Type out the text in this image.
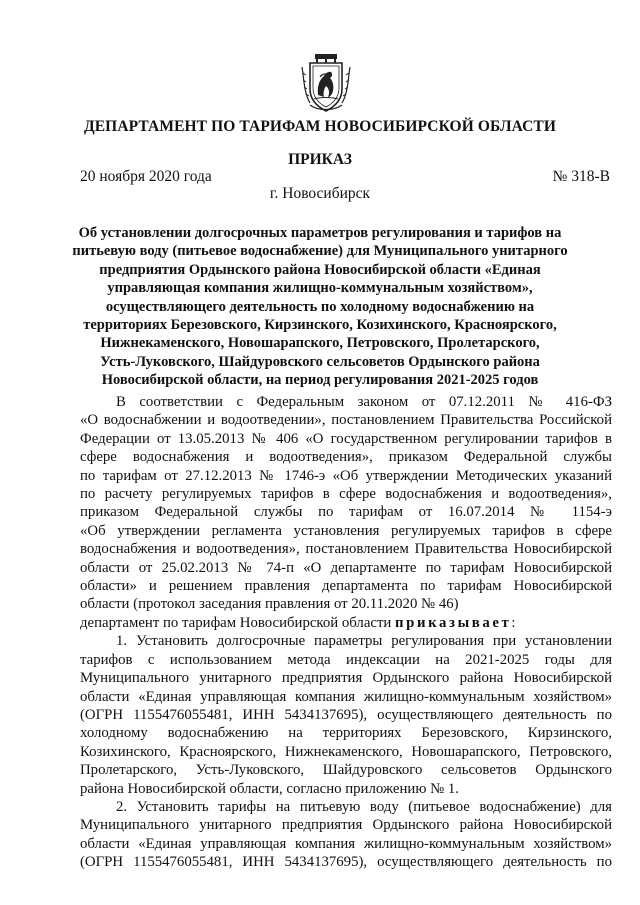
ДЕПАРТАМЕНТ ПО ТАРИФАМ НОВОСИБИРСКОЙ ОБЛАСТИ
ПРИКАЗ
20 ноября 2020 года	№ 318-В
г. Новосибирск
Об установлении долгосрочных параметров регулирования и тарифов на
питьевую воду (питьевое водоснабжение) для Муниципального унитарного
предприятия Ордынского района Новосибирской области «Единая
управляющая компания жилищно-коммунальным хозяйством»,
осуществляющего деятельность по холодному водоснабжению на
территориях Березовского, Кирзинского, Козихинского, Красноярского,
Нижнекаменского, Новошарапского, Петровского, Пролетарского,
Усть-Луковского, Шайдуровского сельсоветов Ордынского района
Новосибирской области, на период регулирования 2021-2025 годов
В соответствии с Федеральным законом от 07.12.2011 № 416-ФЗ
«О водоснабжении и водоотведении», постановлением Правительства Российской
Федерации от 13.05.2013 № 406 «О государственном регулировании тарифов в
сфере водоснабжения и водоотведения», приказом Федеральной службы
по тарифам от 27.12.2013 № 1746-э «Об утверждении Методических указаний
по расчету регулируемых тарифов в сфере водоснабжения и водоотведения»,
приказом Федеральной службы по тарифам от 16.07.2014 № 1154-э
«Об утверждении регламента установления регулируемых тарифов в сфере
водоснабжения и водоотведения», постановлением Правительства Новосибирской
области от 25.02.2013 № 74-п «О департаменте по тарифам Новосибирской
области» и решением правления департамента по тарифам Новосибирской
области (протокол заседания правления от 20.11.2020 № 46)
департамент по тарифам Новосибирской области приказывает:
1. Установить долгосрочные параметры регулирования при установлении
тарифов с использованием метода индексации на 2021-2025 годы для
Муниципального унитарного предприятия Ордынского района Новосибирской
области «Единая управляющая компания жилищно-коммунальным хозяйством»
(ОГРН 1155476055481, ИНН 5434137695), осуществляющего деятельность по
холодному водоснабжению на территориях Березовского, Кирзинского,
Козихинского, Красноярского, Нижнекаменского, Новошарапского, Петровского,
Пролетарского, Усть-Луковского, Шайдуровского сельсоветов Ордынского
района Новосибирской области, согласно приложению № 1.
2. Установить тарифы на питьевую воду (питьевое водоснабжение) для
Муниципального унитарного предприятия Ордынского района Новосибирской
области «Единая управляющая компания жилищно-коммунальным хозяйством»
(ОГРН 1155476055481, ИНН 5434137695), осуществляющего деятельность по
